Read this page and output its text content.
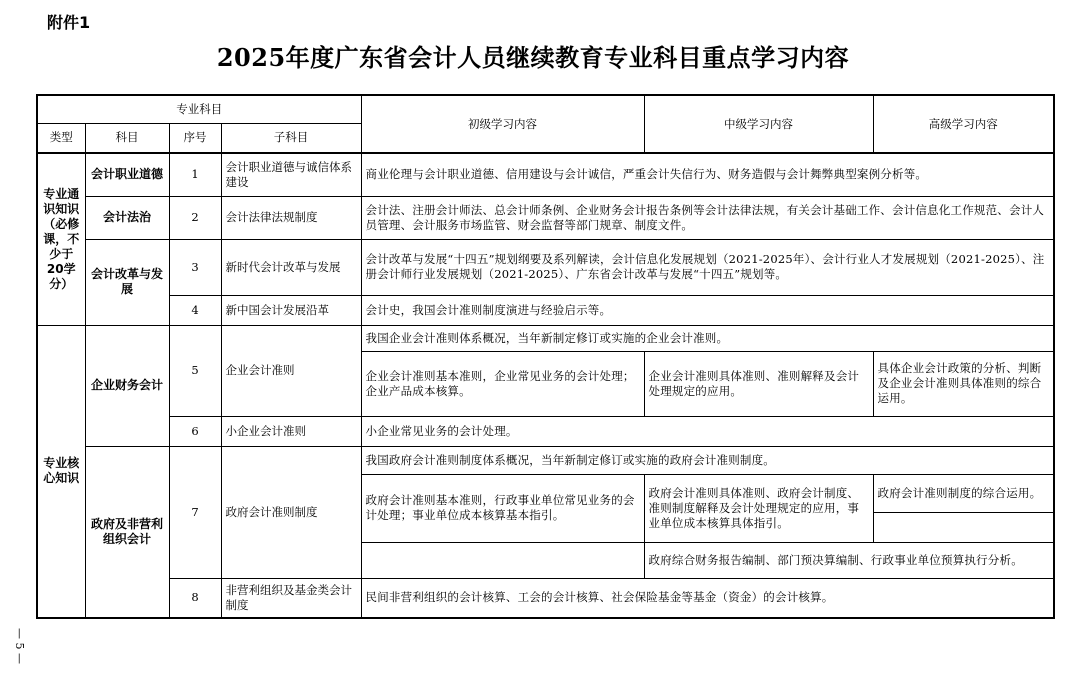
附件1
2025年度广东省会计人员继续教育专业科目重点学习内容
— 5 —
专业科目				初级学习内容	中级学习内容	高级学习内容
类型	科目	序号	子科目			
专业通识知识（必修课，不少于20学分）	会计职业道德	1	会计职业道德与诚信体系建设	商业伦理与会计职业道德、信用建设与会计诚信，严重会计失信行为、财务造假与会计舞弊典型案例分析等。		
	会计法治	2	会计法律法规制度	会计法、注册会计师法、总会计师条例、企业财务会计报告条例等会计法律法规，有关会计基础工作、会计信息化工作规范、会计人员管理、会计服务市场监管、财会监督等部门规章、制度文件。		
	会计改革与发展	3	新时代会计改革与发展	会计改革与发展“十四五”规划纲要及系列解读，会计信息化发展规划（2021-2025年）、会计行业人才发展规划（2021-2025）、注册会计师行业发展规划（2021-2025）、广东省会计改革与发展“十四五”规划等。		
		4	新中国会计发展沿革	会计史，我国会计准则制度演进与经验启示等。		
专业核心知识	企业财务会计	5	企业会计准则	我国企业会计准则体系概况，当年新制定修订或实施的企业会计准则。		
				企业会计准则基本准则，企业常见业务的会计处理；企业产品成本核算。	企业会计准则具体准则、准则解释及会计处理规定的应用。	具体企业会计政策的分析、判断及企业会计准则具体准则的综合运用。
		6	小企业会计准则	小企业常见业务的会计处理。		
	政府及非营利组织会计	7	政府会计准则制度	我国政府会计准则制度体系概况，当年新制定修订或实施的政府会计准则制度。		
				政府会计准则基本准则，行政事业单位常见业务的会计处理；事业单位成本核算基本指引。	政府会计准则具体准则、政府会计制度、准则制度解释及会计处理规定的应用，事业单位成本核算具体指引。	政府会计准则制度的综合运用。

					政府综合财务报告编制、部门预决算编制、行政事业单位预算执行分析。	
		8	非营利组织及基金类会计制度	民间非营利组织的会计核算、工会的会计核算、社会保险基金等基金（资金）的会计核算。		
